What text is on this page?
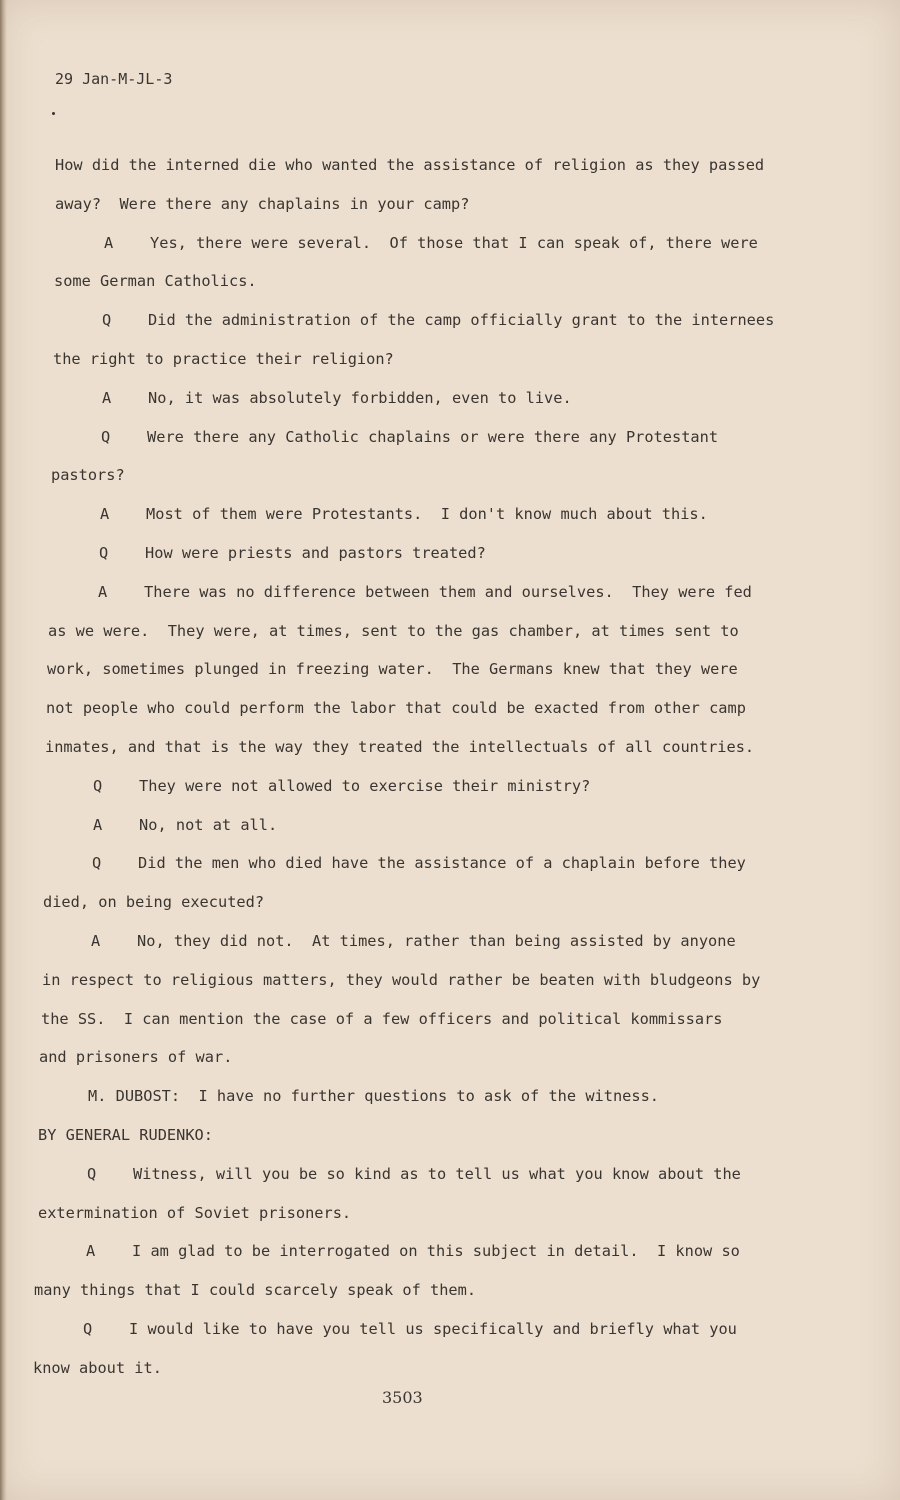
29 Jan-M-JL-3

How did the interned die who wanted the assistance of religion as they passed

away?  Were there any chaplains in your camp?

A    Yes, there were several.  Of those that I can speak of, there were

some German Catholics.

Q    Did the administration of the camp officially grant to the internees

the right to practice their religion?

A    No, it was absolutely forbidden, even to live.

Q    Were there any Catholic chaplains or were there any Protestant

pastors?

A    Most of them were Protestants.  I don't know much about this.

Q    How were priests and pastors treated?

A    There was no difference between them and ourselves.  They were fed

as we were.  They were, at times, sent to the gas chamber, at times sent to

work, sometimes plunged in freezing water.  The Germans knew that they were

not people who could perform the labor that could be exacted from other camp

inmates, and that is the way they treated the intellectuals of all countries.

Q    They were not allowed to exercise their ministry?

A    No, not at all.

Q    Did the men who died have the assistance of a chaplain before they

died, on being executed?

A    No, they did not.  At times, rather than being assisted by anyone

in respect to religious matters, they would rather be beaten with bludgeons by

the SS.  I can mention the case of a few officers and political kommissars

and prisoners of war.

M. DUBOST:  I have no further questions to ask of the witness.

BY GENERAL RUDENKO:

Q    Witness, will you be so kind as to tell us what you know about the

extermination of Soviet prisoners.

A    I am glad to be interrogated on this subject in detail.  I know so

many things that I could scarcely speak of them.

Q    I would like to have you tell us specifically and briefly what you

know about it.

3503
